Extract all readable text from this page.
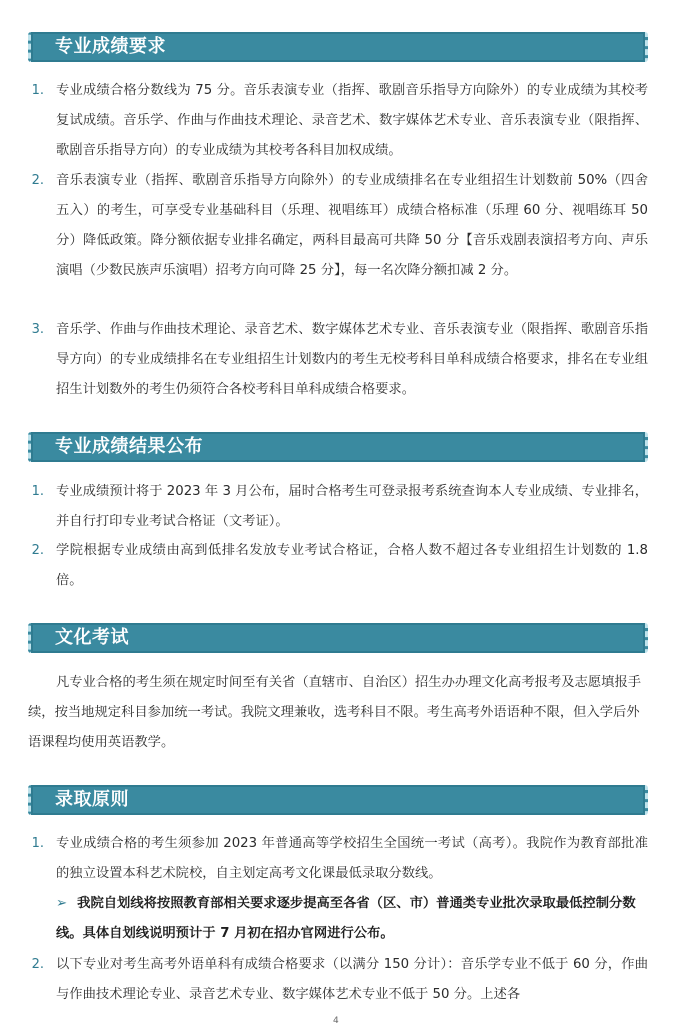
专业成绩要求
1. 专业成绩合格分数线为 75 分。音乐表演专业（指挥、歌剧音乐指导方向除外）的专业成绩为其校考复试成绩。音乐学、作曲与作曲技术理论、录音艺术、数字媒体艺术专业、音乐表演专业（限指挥、歌剧音乐指导方向）的专业成绩为其校考各科目加权成绩。
2. 音乐表演专业（指挥、歌剧音乐指导方向除外）的专业成绩排名在专业组招生计划数前 50%（四舍五入）的考生，可享受专业基础科目（乐理、视唱练耳）成绩合格标准（乐理 60 分、视唱练耳 50 分）降低政策。降分额依据专业排名确定，两科目最高可共降 50 分【音乐戏剧表演招考方向、声乐演唱（少数民族声乐演唱）招考方向可降 25 分】，每一名次降分额扣减 2 分。
3. 音乐学、作曲与作曲技术理论、录音艺术、数字媒体艺术专业、音乐表演专业（限指挥、歌剧音乐指导方向）的专业成绩排名在专业组招生计划数内的考生无校考科目单科成绩合格要求，排名在专业组招生计划数外的考生仍须符合各校考科目单科成绩合格要求。
专业成绩结果公布
1. 专业成绩预计将于 2023 年 3 月公布，届时合格考生可登录报考系统查询本人专业成绩、专业排名，并自行打印专业考试合格证（文考证）。
2. 学院根据专业成绩由高到低排名发放专业考试合格证，合格人数不超过各专业组招生计划数的 1.8 倍。
文化考试
凡专业合格的考生须在规定时间至有关省（直辖市、自治区）招生办办理文化高考报考及志愿填报手续，按当地规定科目参加统一考试。我院文理兼收，选考科目不限。考生高考外语语种不限，但入学后外语课程均使用英语教学。
录取原则
1. 专业成绩合格的考生须参加 2023 年普通高等学校招生全国统一考试（高考）。我院作为教育部批准的独立设置本科艺术院校，自主划定高考文化课最低录取分数线。
➢ 我院自划线将按照教育部相关要求逐步提高至各省（区、市）普通类专业批次录取最低控制分数线。具体自划线说明预计于 7 月初在招办官网进行公布。
2. 以下专业对考生高考外语单科有成绩合格要求（以满分 150 分计）：音乐学专业不低于 60 分，作曲与作曲技术理论专业、录音艺术专业、数字媒体艺术专业不低于 50 分。上述各
4
